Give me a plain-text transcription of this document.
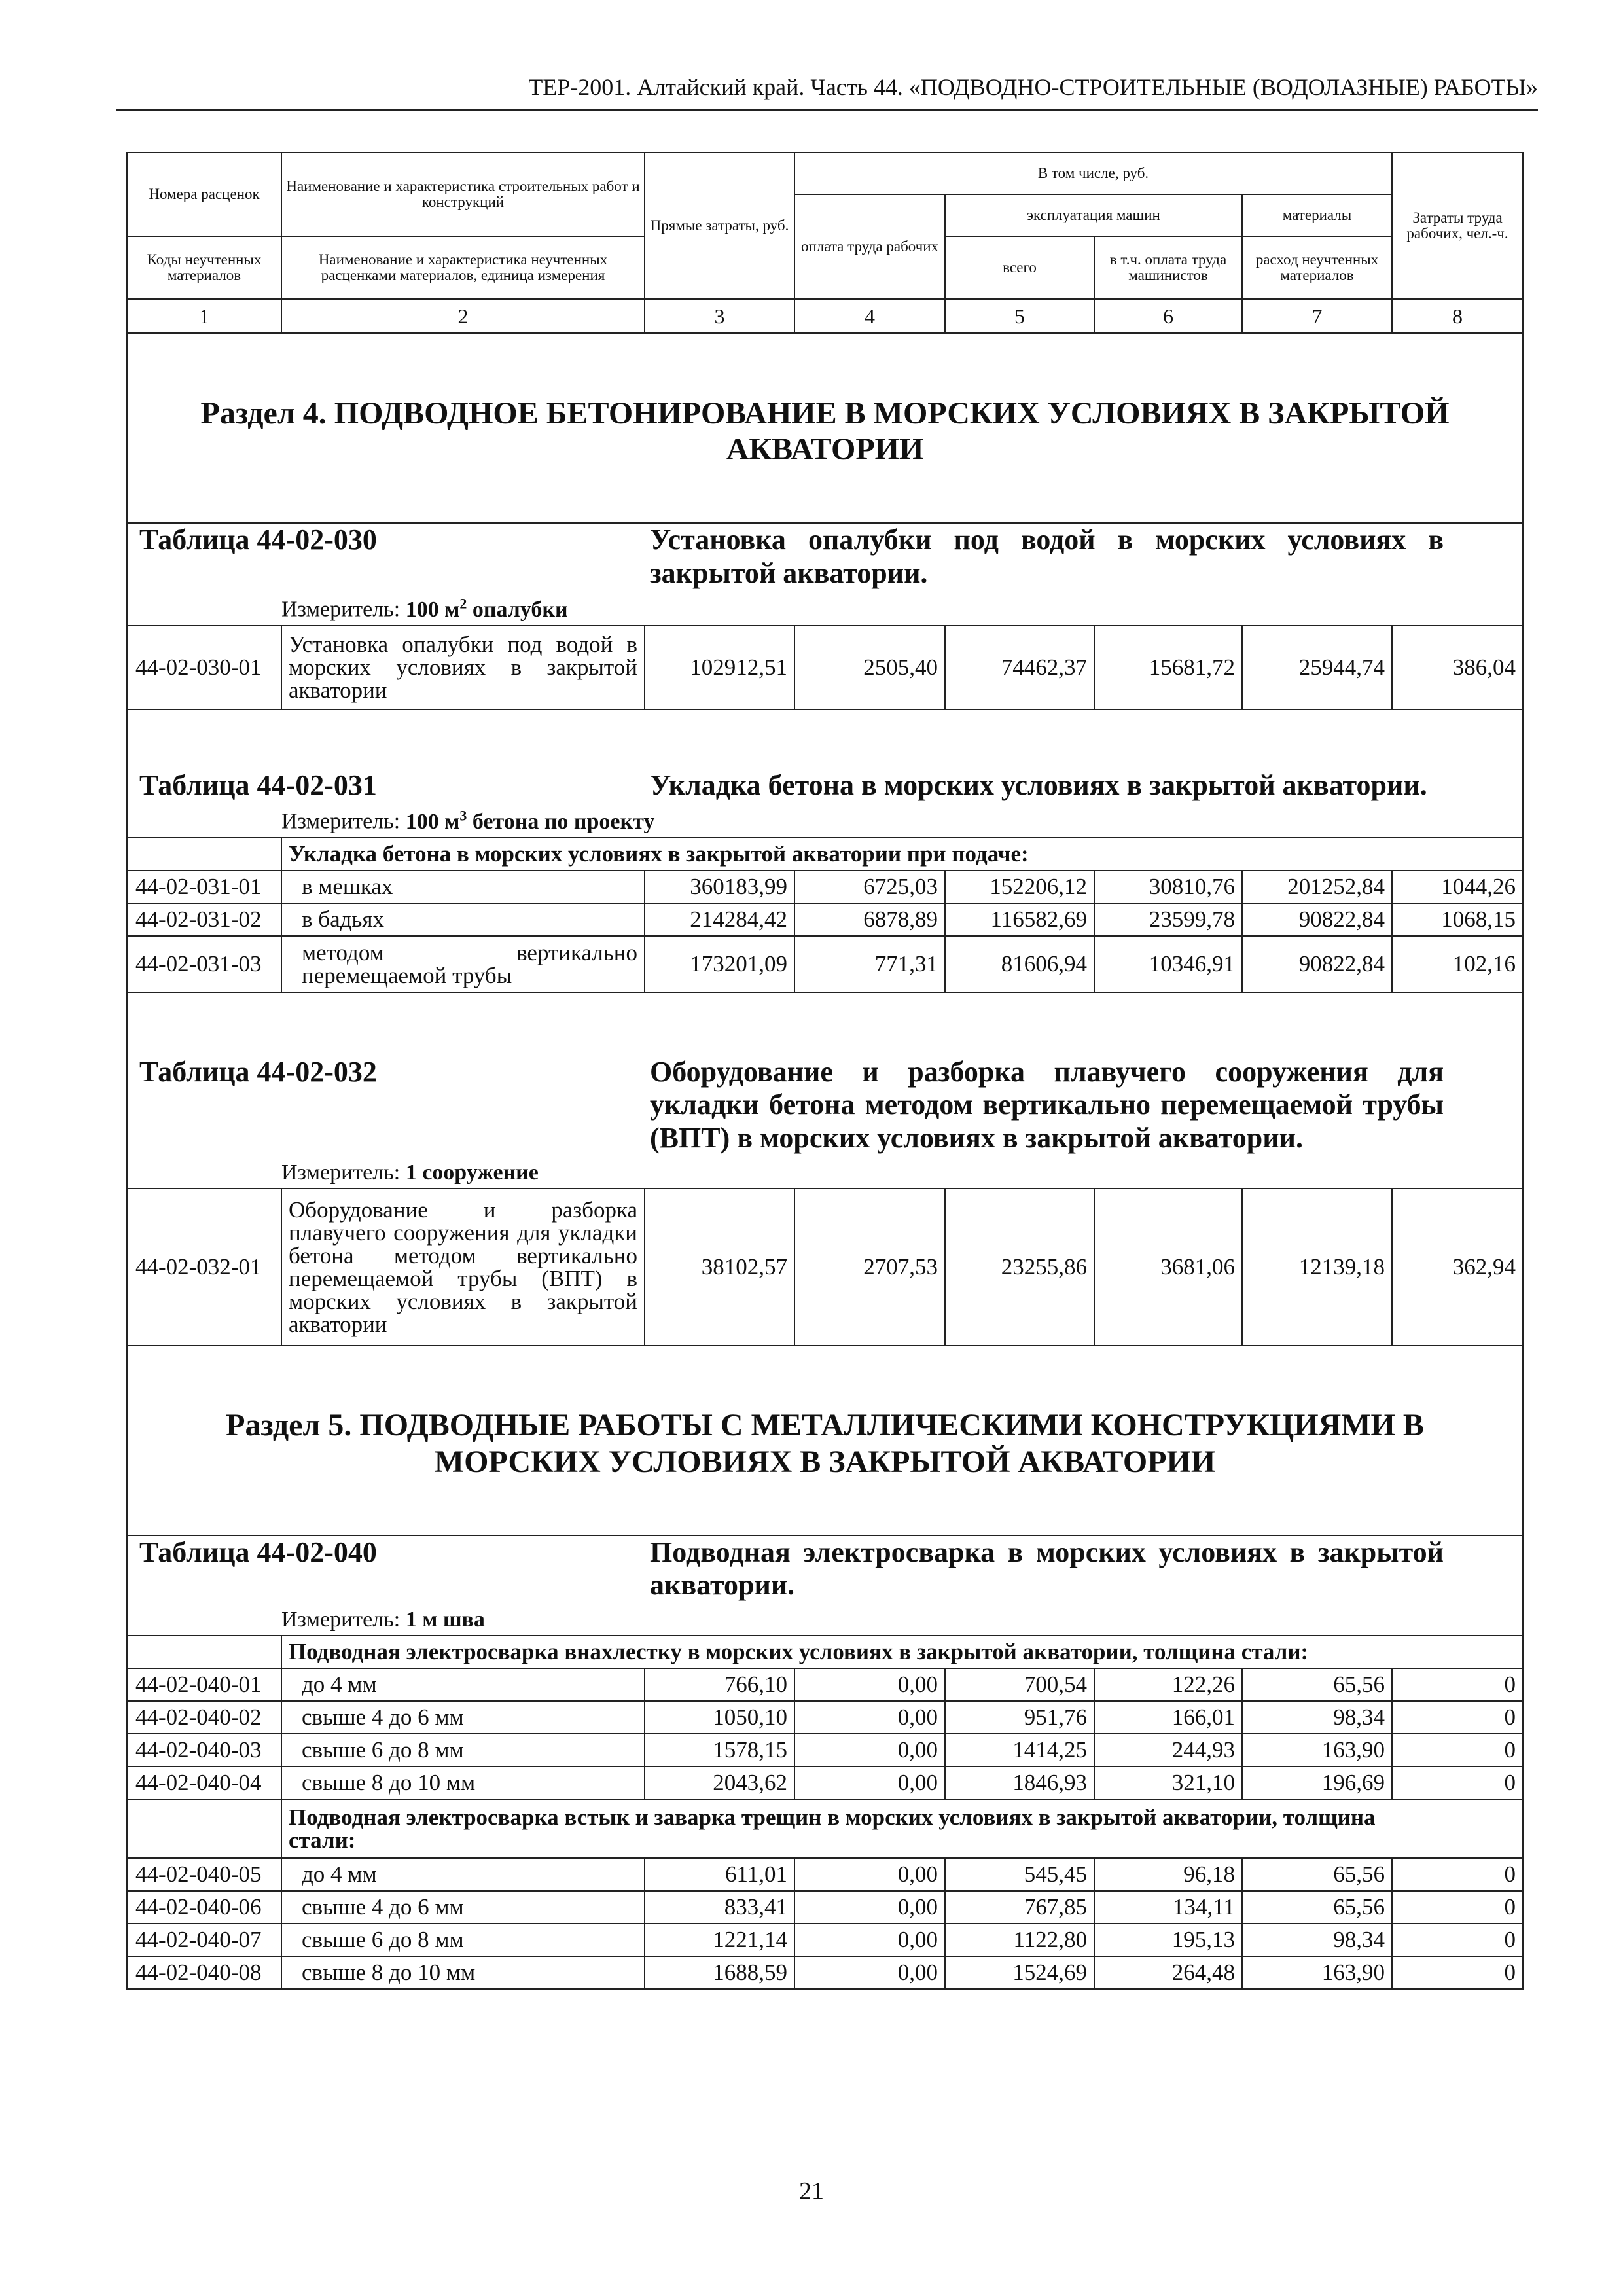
ТЕР-2001. Алтайский край. Часть 44. «ПОДВОДНО-СТРОИТЕЛЬНЫЕ (ВОДОЛАЗНЫЕ) РАБОТЫ»
Номера расценок	Наименование и характеристика строительных работ и конструкций	Прямые затраты, руб.	В том числе, руб.				Затраты труда рабочих, чел.-ч.
			оплата труда рабочих	эксплуатация машин		материалы	
Коды неучтенных материалов	Наименование и характеристика неучтенных расценками материалов, единица измерения			всего	в т.ч. оплата труда машинистов	расход неучтенных материалов	
1	2	3	4	5	6	7	8

Раздел 4. ПОДВОДНОЕ БЕТОНИРОВАНИЕ В МОРСКИХ УСЛОВИЯХ В ЗАКРЫТОЙ АКВАТОРИИ							

Таблица 44-02-030 Установка опалубки под водой в морских условиях в закрытой акватории.
Измеритель: 100 $м^2$ опалубки							

44-02-030-01	Установка опалубки под водой в морских условиях в закрытой акватории	102912,51	2505,40	74462,37	15681,72	25944,74	386,04

Таблица 44-02-031 Укладка бетона в морских условиях в закрытой акватории.
Измеритель: 100 $м^3$ бетона по проекту							

	Укладка бетона в морских условиях в закрытой акватории при подаче:						
44-02-031-01	в мешках	360183,99	6725,03	152206,12	30810,76	201252,84	1044,26
44-02-031-02	в бадьях	214284,42	6878,89	116582,69	23599,78	90822,84	1068,15
44-02-031-03	методом вертикально перемещаемой трубы	173201,09	771,31	81606,94	10346,91	90822,84	102,16

Таблица 44-02-032 Оборудование и разборка плавучего сооружения для укладки бетона методом вертикально перемещаемой трубы (ВПТ) в морских условиях в закрытой акватории.
Измеритель: 1 сооружение							

44-02-032-01	Оборудование и разборка плавучего сооружения для укладки бетона методом вертикально перемещаемой трубы (ВПТ) в морских условиях в закрытой акватории	38102,57	2707,53	23255,86	3681,06	12139,18	362,94

Раздел 5. ПОДВОДНЫЕ РАБОТЫ С МЕТАЛЛИЧЕСКИМИ КОНСТРУКЦИЯМИ В МОРСКИХ УСЛОВИЯХ В ЗАКРЫТОЙ АКВАТОРИИ							

Таблица 44-02-040 Подводная электросварка в морских условиях в закрытой акватории.
Измеритель: 1 м шва							

	Подводная электросварка внахлестку в морских условиях в закрытой акватории, толщина стали:						
44-02-040-01	до 4 мм	766,10	0,00	700,54	122,26	65,56	0
44-02-040-02	свыше 4 до 6 мм	1050,10	0,00	951,76	166,01	98,34	0
44-02-040-03	свыше 6 до 8 мм	1578,15	0,00	1414,25	244,93	163,90	0
44-02-040-04	свыше 8 до 10 мм	2043,62	0,00	1846,93	321,10	196,69	0
	Подводная электросварка встык и заварка трещин в морских условиях в закрытой акватории, толщина стали:						
44-02-040-05	до 4 мм	611,01	0,00	545,45	96,18	65,56	0
44-02-040-06	свыше 4 до 6 мм	833,41	0,00	767,85	134,11	65,56	0
44-02-040-07	свыше 6 до 8 мм	1221,14	0,00	1122,80	195,13	98,34	0
44-02-040-08	свыше 8 до 10 мм	1688,59	0,00	1524,69	264,48	163,90	0
21
